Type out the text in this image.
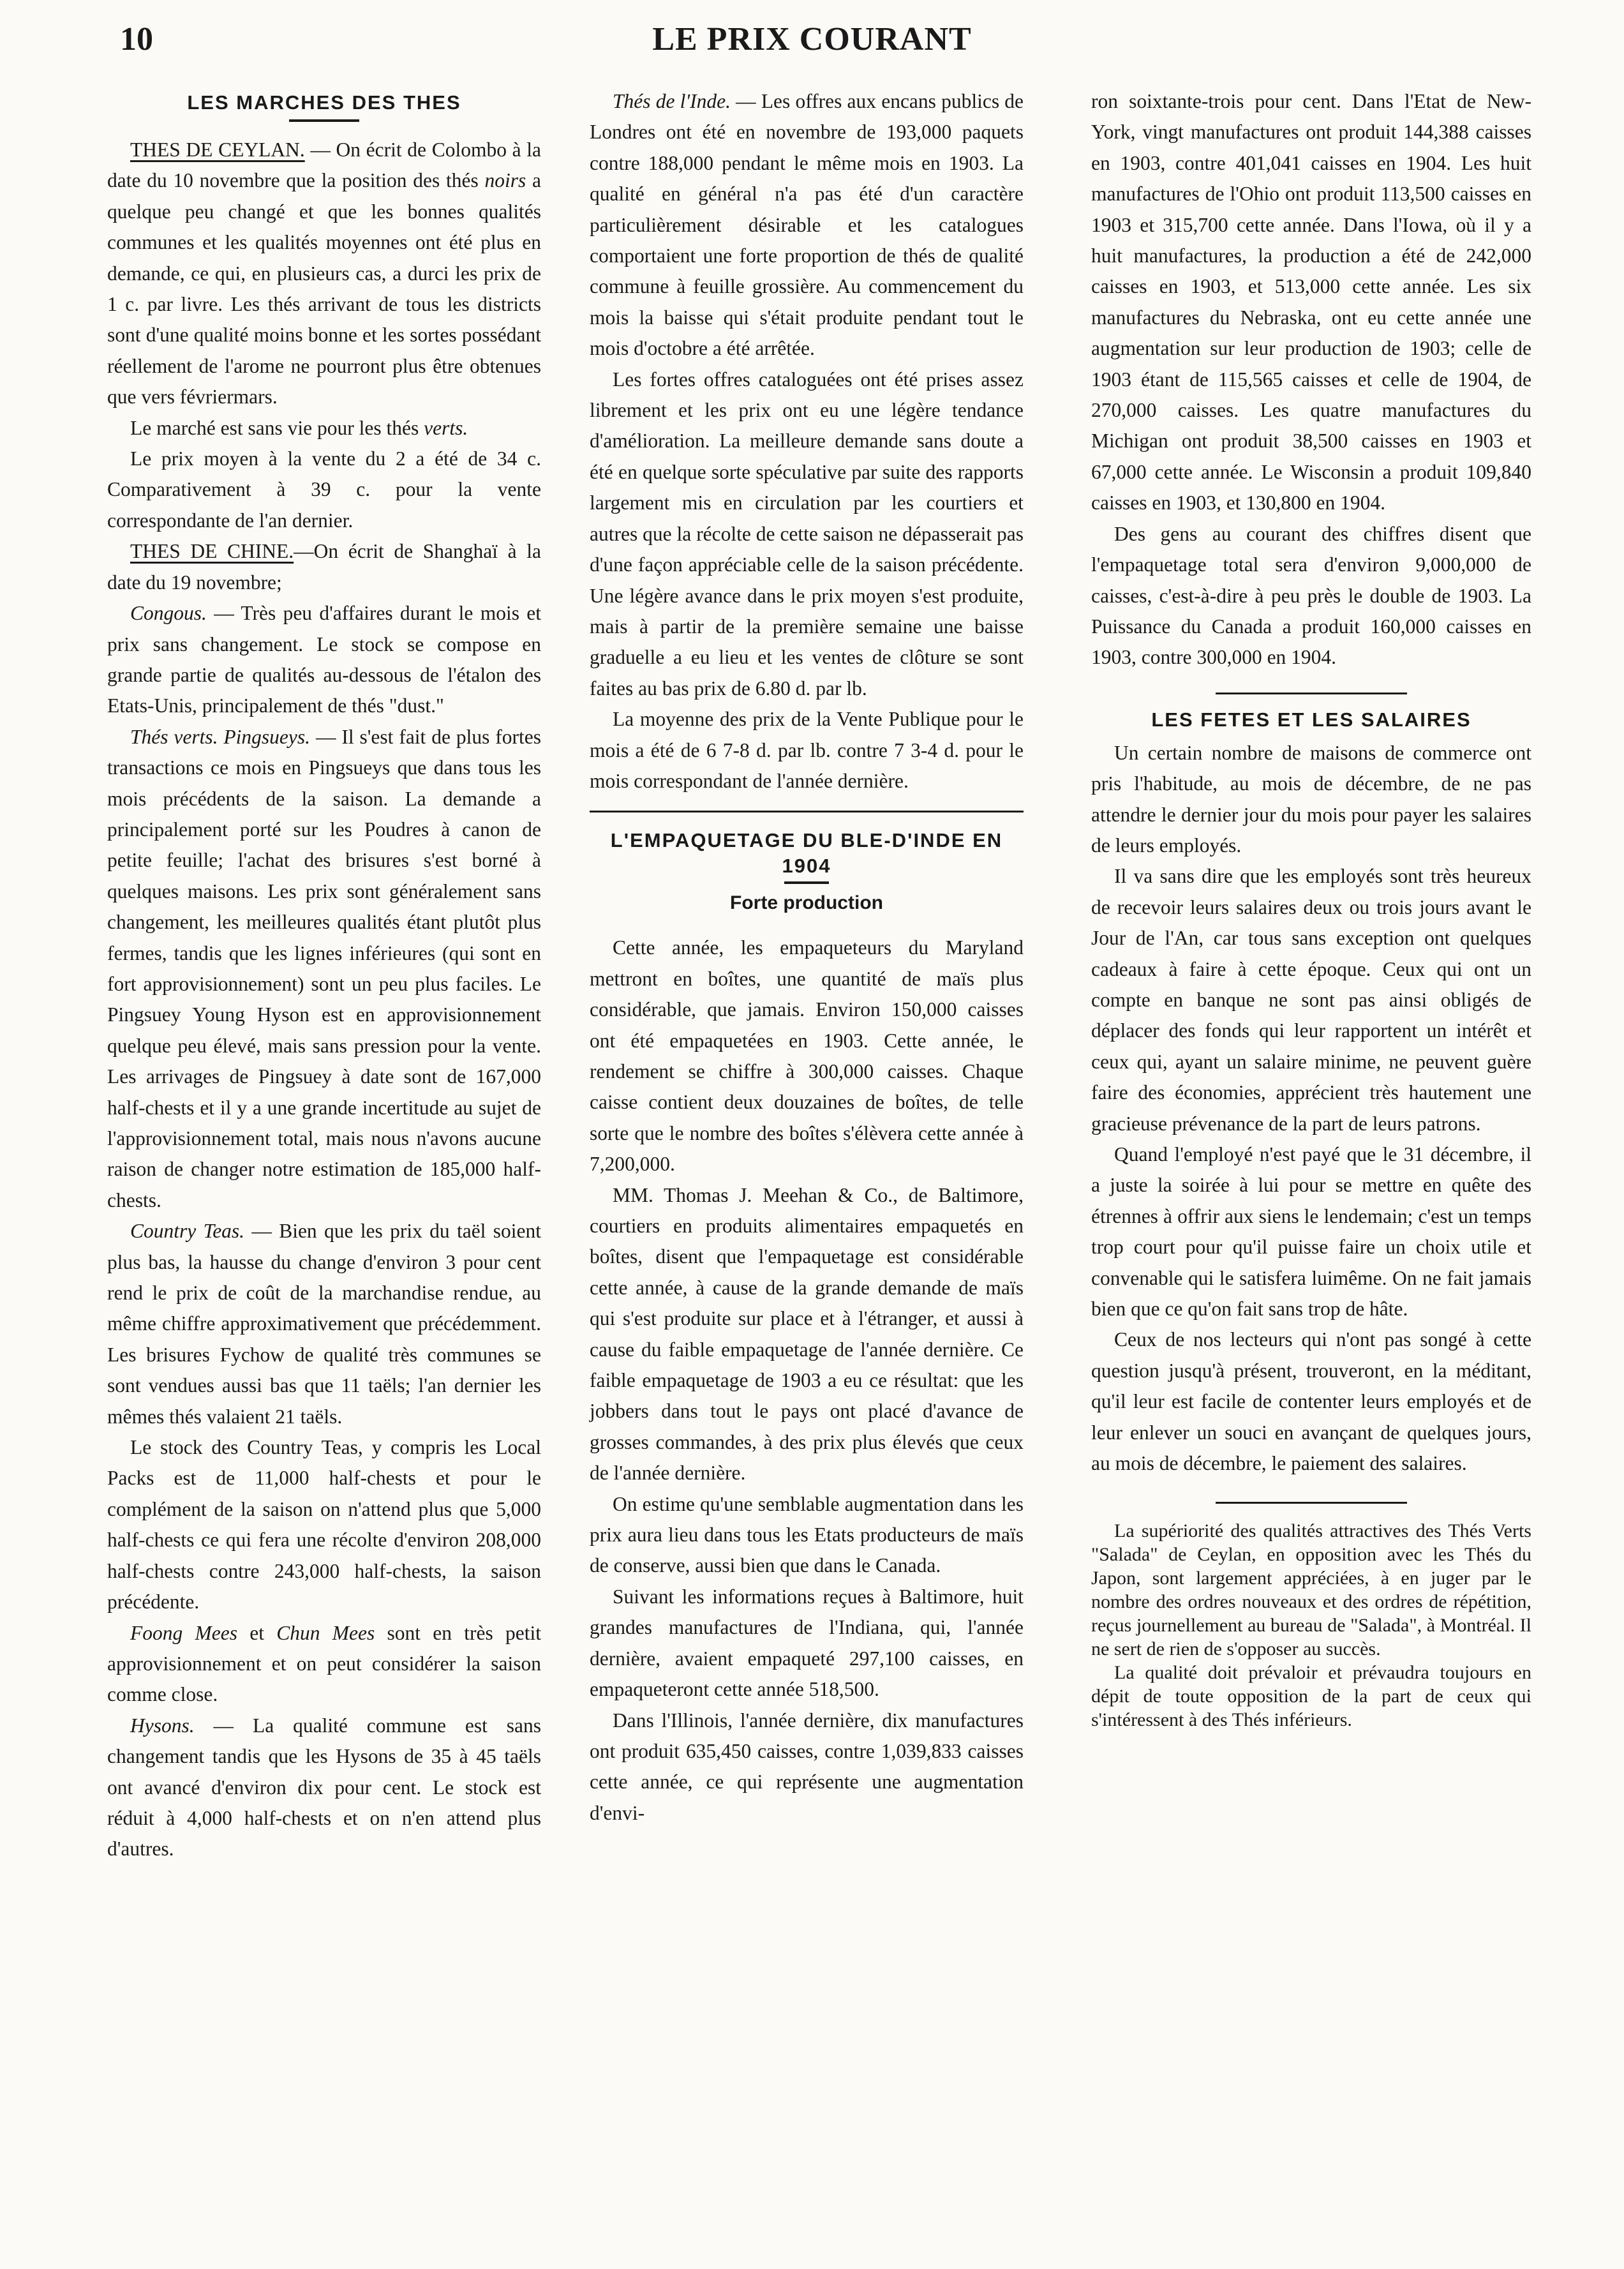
10	LE PRIX COURANT
LES MARCHES DES THES

THES DE CEYLAN. — On écrit de Colombo à la date du 10 novembre que la position des thés noirs a quelque peu changé et que les bonnes qualités communes et les qualités moyennes ont été plus en demande, ce qui, en plusieurs cas, a durci les prix de 1 c. par livre. Les thés arrivant de tous les districts sont d'une qualité moins bonne et les sortes possédant réellement de l'arome ne pourront plus être obtenues que vers févriermars.

Le marché est sans vie pour les thés verts.

Le prix moyen à la vente du 2 a été de 34 c. Comparativement à 39 c. pour la vente correspondante de l'an dernier.

THES DE CHINE.—On écrit de Shanghaï à la date du 19 novembre;

Congous. — Très peu d'affaires durant le mois et prix sans changement. Le stock se compose en grande partie de qualités au-dessous de l'étalon des Etats-Unis, principalement de thés "dust."

Thés verts. Pingsueys. — Il s'est fait de plus fortes transactions ce mois en Pingsueys que dans tous les mois précédents de la saison. La demande a principalement porté sur les Poudres à canon de petite feuille; l'achat des brisures s'est borné à quelques maisons. Les prix sont généralement sans changement, les meilleures qualités étant plutôt plus fermes, tandis que les lignes inférieures (qui sont en fort approvisionnement) sont un peu plus faciles. Le Pingsuey Young Hyson est en approvisionnement quelque peu élevé, mais sans pression pour la vente. Les arrivages de Pingsuey à date sont de 167,000 half-chests et il y a une grande incertitude au sujet de l'approvisionnement total, mais nous n'avons aucune raison de changer notre estimation de 185,000 half-chests.

Country Teas. — Bien que les prix du taël soient plus bas, la hausse du change d'environ 3 pour cent rend le prix de coût de la marchandise rendue, au même chiffre approximativement que précédemment. Les brisures Fychow de qualité très communes se sont vendues aussi bas que 11 taëls; l'an dernier les mêmes thés valaient 21 taëls.

Le stock des Country Teas, y compris les Local Packs est de 11,000 half-chests et pour le complément de la saison on n'attend plus que 5,000 half-chests ce qui fera une récolte d'environ 208,000 half-chests contre 243,000 half-chests, la saison précédente.

Foong Mees et Chun Mees sont en très petit approvisionnement et on peut considérer la saison comme close.

Hysons. — La qualité commune est sans changement tandis que les Hysons de 35 à 45 taëls ont avancé d'environ dix pour cent. Le stock est réduit à 4,000 half-chests et on n'en attend plus d'autres.

Thés de l'Inde. — Les offres aux encans publics de Londres ont été en novembre de 193,000 paquets contre 188,000 pendant le même mois en 1903. La qualité en général n'a pas été d'un caractère particulièrement désirable et les catalogues comportaient une forte proportion de thés de qualité commune à feuille grossière. Au commencement du mois la baisse qui s'était produite pendant tout le mois d'octobre a été arrêtée.

Les fortes offres cataloguées ont été prises assez librement et les prix ont eu une légère tendance d'amélioration. La meilleure demande sans doute a été en quelque sorte spéculative par suite des rapports largement mis en circulation par les courtiers et autres que la récolte de cette saison ne dépasserait pas d'une façon appréciable celle de la saison précédente. Une légère avance dans le prix moyen s'est produite, mais à partir de la première semaine une baisse graduelle a eu lieu et les ventes de clôture se sont faites au bas prix de 6.80 d. par lb.

La moyenne des prix de la Vente Publique pour le mois a été de 6 7-8 d. par lb. contre 7 3-4 d. pour le mois correspondant de l'année dernière.

L'EMPAQUETAGE DU BLE-D'INDE EN
1904
Forte production

Cette année, les empaqueteurs du Maryland mettront en boîtes, une quantité de maïs plus considérable, que jamais. Environ 150,000 caisses ont été empaquetées en 1903. Cette année, le rendement se chiffre à 300,000 caisses. Chaque caisse contient deux douzaines de boîtes, de telle sorte que le nombre des boîtes s'élèvera cette année à 7,200,000.

MM. Thomas J. Meehan & Co., de Baltimore, courtiers en produits alimentaires empaquetés en boîtes, disent que l'empaquetage est considérable cette année, à cause de la grande demande de maïs qui s'est produite sur place et à l'étranger, et aussi à cause du faible empaquetage de l'année dernière. Ce faible empaquetage de 1903 a eu ce résultat: que les jobbers dans tout le pays ont placé d'avance de grosses commandes, à des prix plus élevés que ceux de l'année dernière.

On estime qu'une semblable augmentation dans les prix aura lieu dans tous les Etats producteurs de maïs de conserve, aussi bien que dans le Canada.

Suivant les informations reçues à Baltimore, huit grandes manufactures de l'Indiana, qui, l'année dernière, avaient empaqueté 297,100 caisses, en empaqueteront cette année 518,500.

Dans l'Illinois, l'année dernière, dix manufactures ont produit 635,450 caisses, contre 1,039,833 caisses cette année, ce qui représente une augmentation d'envi-

ron soixtante-trois pour cent. Dans l'Etat de New-York, vingt manufactures ont produit 144,388 caisses en 1903, contre 401,041 caisses en 1904. Les huit manufactures de l'Ohio ont produit 113,500 caisses en 1903 et 315,700 cette année. Dans l'Iowa, où il y a huit manufactures, la production a été de 242,000 caisses en 1903, et 513,000 cette année. Les six manufactures du Nebraska, ont eu cette année une augmentation sur leur production de 1903; celle de 1903 étant de 115,565 caisses et celle de 1904, de 270,000 caisses. Les quatre manufactures du Michigan ont produit 38,500 caisses en 1903 et 67,000 cette année. Le Wisconsin a produit 109,840 caisses en 1903, et 130,800 en 1904.

Des gens au courant des chiffres disent que l'empaquetage total sera d'environ 9,000,000 de caisses, c'est-à-dire à peu près le double de 1903. La Puissance du Canada a produit 160,000 caisses en 1903, contre 300,000 en 1904.

LES FETES ET LES SALAIRES

Un certain nombre de maisons de commerce ont pris l'habitude, au mois de décembre, de ne pas attendre le dernier jour du mois pour payer les salaires de leurs employés.

Il va sans dire que les employés sont très heureux de recevoir leurs salaires deux ou trois jours avant le Jour de l'An, car tous sans exception ont quelques cadeaux à faire à cette époque. Ceux qui ont un compte en banque ne sont pas ainsi obligés de déplacer des fonds qui leur rapportent un intérêt et ceux qui, ayant un salaire minime, ne peuvent guère faire des économies, apprécient très hautement une gracieuse prévenance de la part de leurs patrons.

Quand l'employé n'est payé que le 31 décembre, il a juste la soirée à lui pour se mettre en quête des étrennes à offrir aux siens le lendemain; c'est un temps trop court pour qu'il puisse faire un choix utile et convenable qui le satisfera luimême. On ne fait jamais bien que ce qu'on fait sans trop de hâte.

Ceux de nos lecteurs qui n'ont pas songé à cette question jusqu'à présent, trouveront, en la méditant, qu'il leur est facile de contenter leurs employés et de leur enlever un souci en avançant de quelques jours, au mois de décembre, le paiement des salaires.

La supériorité des qualités attractives des Thés Verts "Salada" de Ceylan, en opposition avec les Thés du Japon, sont largement appréciées, à en juger par le nombre des ordres nouveaux et des ordres de répétition, reçus journellement au bureau de "Salada", à Montréal. Il ne sert de rien de s'opposer au succès.

La qualité doit prévaloir et prévaudra toujours en dépit de toute opposition de la part de ceux qui s'intéressent à des Thés inférieurs.
